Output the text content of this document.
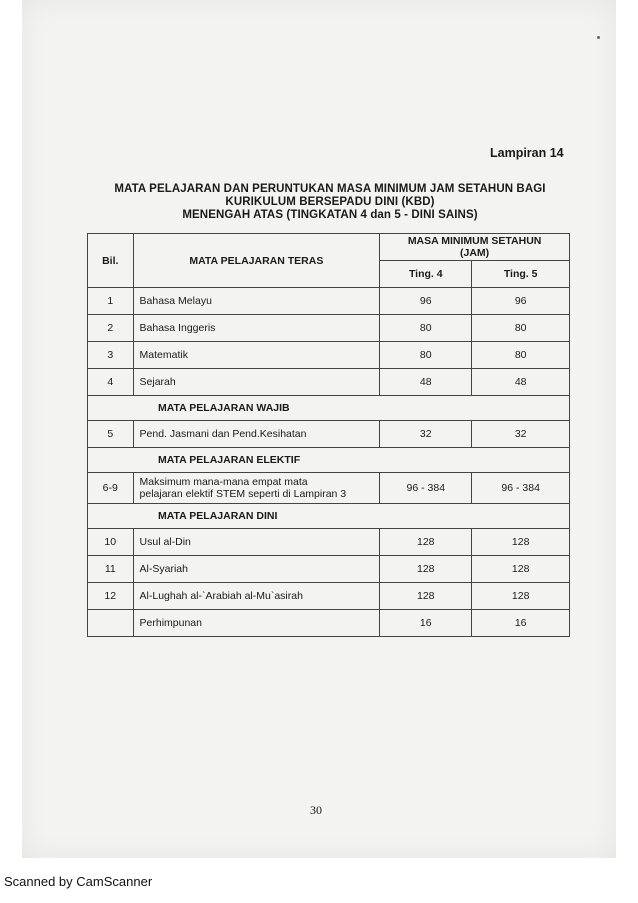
Lampiran 14
MATA PELAJARAN DAN PERUNTUKAN MASA MINIMUM JAM SETAHUN BAGI
KURIKULUM BERSEPADU DINI (KBD)
MENENGAH ATAS (TINGKATAN 4 dan 5 - DINI SAINS)
Bil.	MATA PELAJARAN TERAS	MASA MINIMUM SETAHUN
(JAM)	

		Ting. 4	Ting. 5
1	Bahasa Melayu	96	96
2	Bahasa Inggeris	80	80
3	Matematik	80	80
4	Sejarah	48	48
MATA PELAJARAN WAJIB			
5	Pend. Jasmani dan Pend.Kesihatan	32	32
MATA PELAJARAN ELEKTIF			
6-9	Maksimum mana-mana empat mata
pelajaran elektif STEM seperti di Lampiran 3	96 - 384	96 - 384
MATA PELAJARAN DINI			
10	Usul al-Din	128	128
11	Al-Syariah	128	128
12	Al-Lughah al-`Arabiah al-Mu`asirah	128	128
	Perhimpunan	16	16
30
Scanned by CamScanner
